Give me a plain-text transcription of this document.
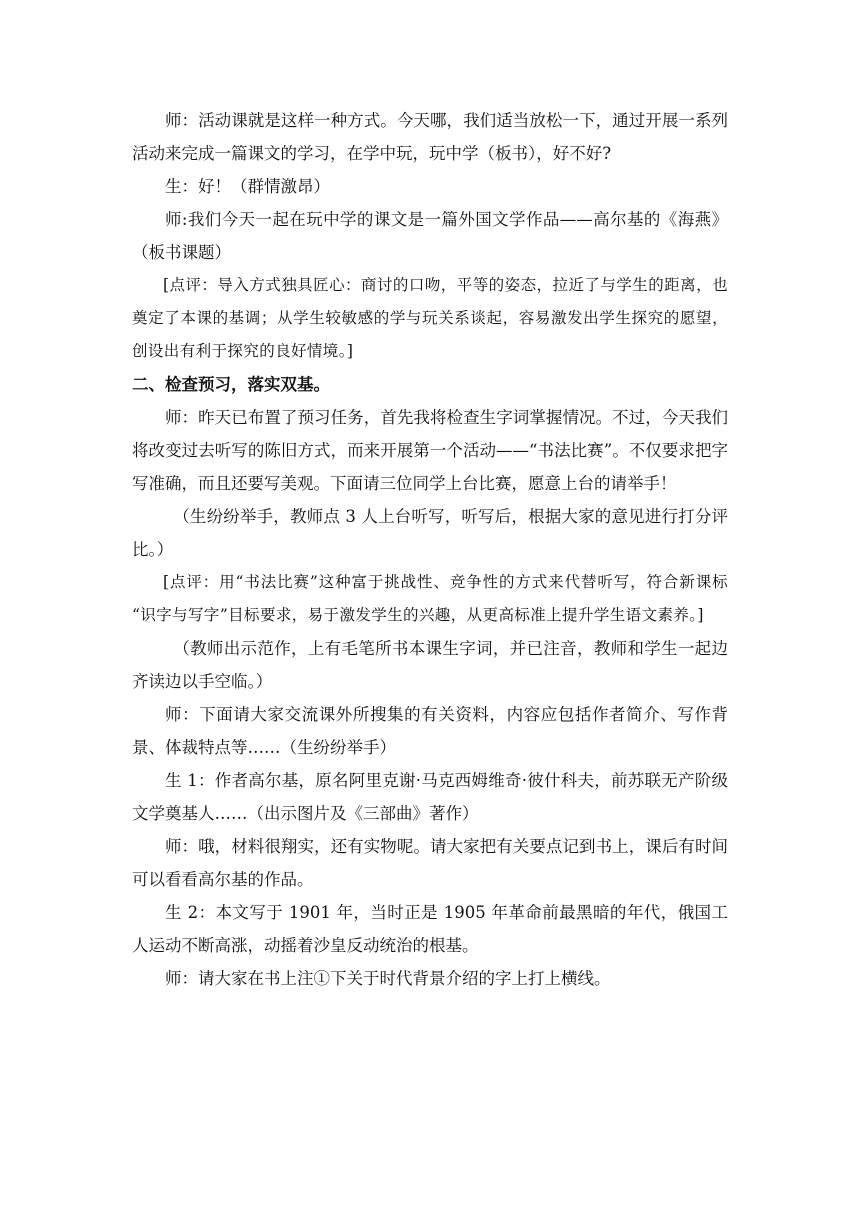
师：活动课就是这样一种方式。今天哪，我们适当放松一下，通过开展一系列活动来完成一篇课文的学习，在学中玩，玩中学（板书），好不好?

生：好！（群情激昂）

师:我们今天一起在玩中学的课文是一篇外国文学作品——高尔基的《海燕》（板书课题）

[点评：导入方式独具匠心：商讨的口吻，平等的姿态，拉近了与学生的距离，也奠定了本课的基调；从学生较敏感的学与玩关系谈起，容易激发出学生探究的愿望，创设出有利于探究的良好情境。]

二、检查预习，落实双基。

师：昨天已布置了预习任务，首先我将检查生字词掌握情况。不过，今天我们将改变过去听写的陈旧方式，而来开展第一个活动——“书法比赛”。不仅要求把字写准确，而且还要写美观。下面请三位同学上台比赛，愿意上台的请举手！

（生纷纷举手，教师点 3 人上台听写，听写后，根据大家的意见进行打分评比。）

[点评：用“书法比赛”这种富于挑战性、竞争性的方式来代替听写，符合新课标 “识字与写字”目标要求，易于激发学生的兴趣，从更高标准上提升学生语文素养。]

（教师出示范作，上有毛笔所书本课生字词，并已注音，教师和学生一起边齐读边以手空临。）

师：下面请大家交流课外所搜集的有关资料，内容应包括作者简介、写作背景、体裁特点等……（生纷纷举手）

生 1：作者高尔基，原名阿里克谢·马克西姆维奇·彼什科夫，前苏联无产阶级文学奠基人……（出示图片及《三部曲》著作）

师：哦，材料很翔实，还有实物呢。请大家把有关要点记到书上，课后有时间可以看看高尔基的作品。

生 2：本文写于 1901 年，当时正是 1905 年革命前最黑暗的年代，俄国工人运动不断高涨，动摇着沙皇反动统治的根基。

师：请大家在书上注①下关于时代背景介绍的字上打上横线。
